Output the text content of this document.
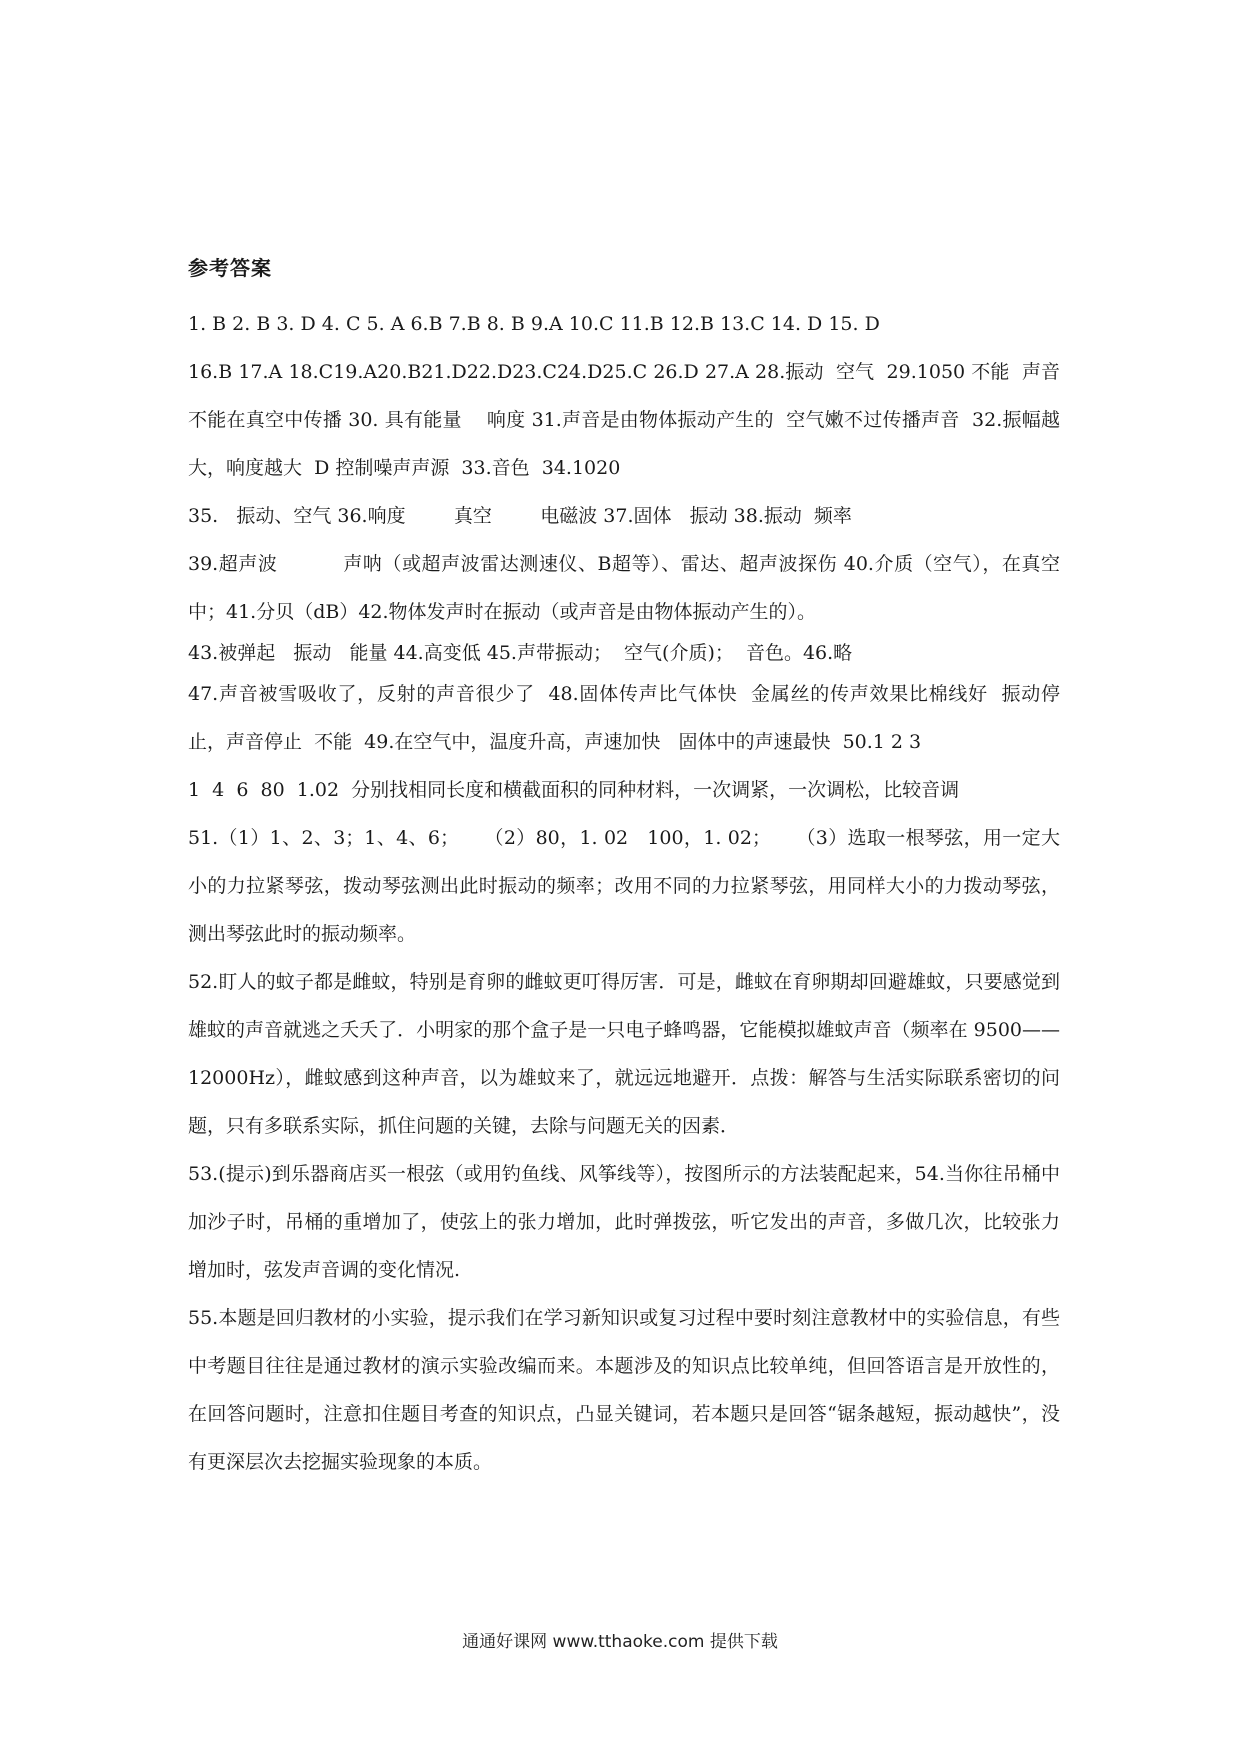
参考答案

1. B 2. B 3. D 4. C 5. A 6.B 7.B 8. B 9.A 10.C 11.B 12.B 13.C 14. D 15. D

16.B 17.A 18.C19.A20.B21.D22.D23.C24.D25.C 26.D 27.A 28.振动  空气  29.1050 不能  声音不能在真空中传播 30. 具有能量    响度 31.声音是由物体振动产生的  空气嫩不过传播声音  32.振幅越大，响度越大  D 控制噪声声源  33.音色  34.1020

35.   振动、空气 36.响度        真空        电磁波 37.固体   振动 38.振动  频率

39.超声波          声呐（或超声波雷达测速仪、B超等）、雷达、超声波探伤 40.介质（空气），在真空中；41.分贝（dB）42.物体发声时在振动（或声音是由物体振动产生的）。

43.被弹起   振动   能量 44.高变低 45.声带振动；  空气(介质)；  音色。46.略

47.声音被雪吸收了，反射的声音很少了  48.固体传声比气体快  金属丝的传声效果比棉线好  振动停止，声音停止  不能  49.在空气中，温度升高，声速加快   固体中的声速最快  50.1 2 3

1  4  6  80  1.02  分别找相同长度和横截面积的同种材料，一次调紧，一次调松，比较音调

51.（1）1、2、3；1、4、6；    （2）80，1. 02   100，1. 02；    （3）选取一根琴弦，用一定大小的力拉紧琴弦，拨动琴弦测出此时振动的频率；改用不同的力拉紧琴弦，用同样大小的力拨动琴弦，测出琴弦此时的振动频率。

52.盯人的蚊子都是雌蚊，特别是育卵的雌蚊更叮得厉害．可是，雌蚊在育卵期却回避雄蚊，只要感觉到雄蚊的声音就逃之夭夭了．小明家的那个盒子是一只电子蜂鸣器，它能模拟雄蚊声音（频率在 9500——12000Hz），雌蚊感到这种声音，以为雄蚊来了，就远远地避开．点拨：解答与生活实际联系密切的问题，只有多联系实际，抓住问题的关键，去除与问题无关的因素．

53.(提示)到乐器商店买一根弦（或用钓鱼线、风筝线等），按图所示的方法装配起来，54.当你往吊桶中加沙子时，吊桶的重增加了，使弦上的张力增加，此时弹拨弦，听它发出的声音，多做几次，比较张力增加时，弦发声音调的变化情况.

55.本题是回归教材的小实验，提示我们在学习新知识或复习过程中要时刻注意教材中的实验信息，有些中考题目往往是通过教材的演示实验改编而来。本题涉及的知识点比较单纯，但回答语言是开放性的，在回答问题时，注意扣住题目考查的知识点，凸显关键词，若本题只是回答“锯条越短，振动越快”，没有更深层次去挖掘实验现象的本质。

通通好课网 www.tthaoke.com 提供下载
